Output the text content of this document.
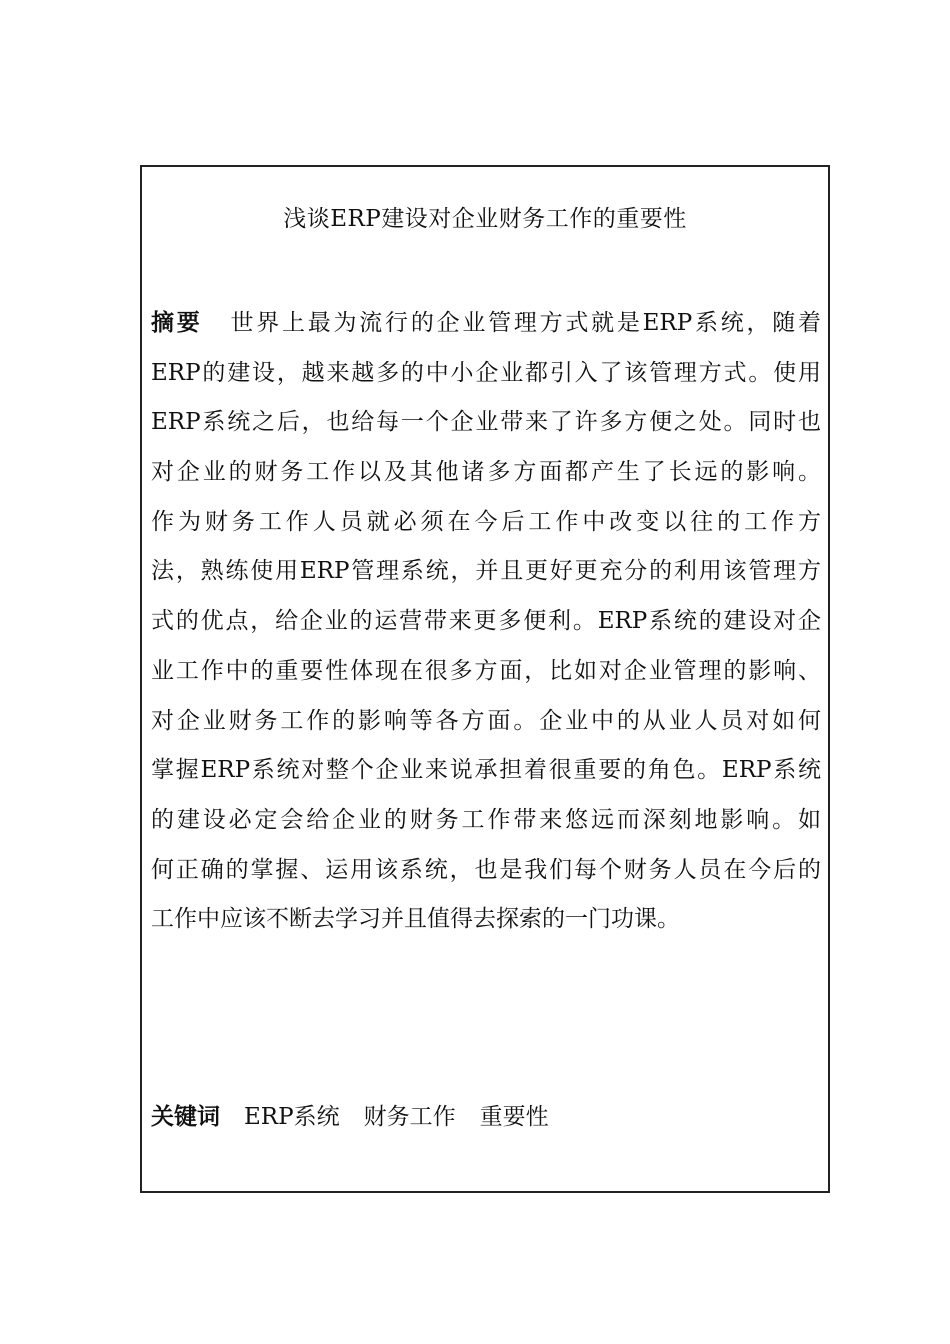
浅谈ERP建设对企业财务工作的重要性
摘要 世界上最为流行的企业管理方式就是ERP系统，随着
ERP的建设，越来越多的中小企业都引入了该管理方式。使用
ERP系统之后，也给每一个企业带来了许多方便之处。同时也
对企业的财务工作以及其他诸多方面都产生了长远的影响。
作为财务工作人员就必须在今后工作中改变以往的工作方
法，熟练使用ERP管理系统，并且更好更充分的利用该管理方
式的优点，给企业的运营带来更多便利。ERP系统的建设对企
业工作中的重要性体现在很多方面，比如对企业管理的影响、
对企业财务工作的影响等各方面。企业中的从业人员对如何
掌握ERP系统对整个企业来说承担着很重要的角色。ERP系统
的建设必定会给企业的财务工作带来悠远而深刻地影响。如
何正确的掌握、运用该系统，也是我们每个财务人员在今后的
工作中应该不断去学习并且值得去探索的一门功课。
关键词 ERP系统 财务工作 重要性
